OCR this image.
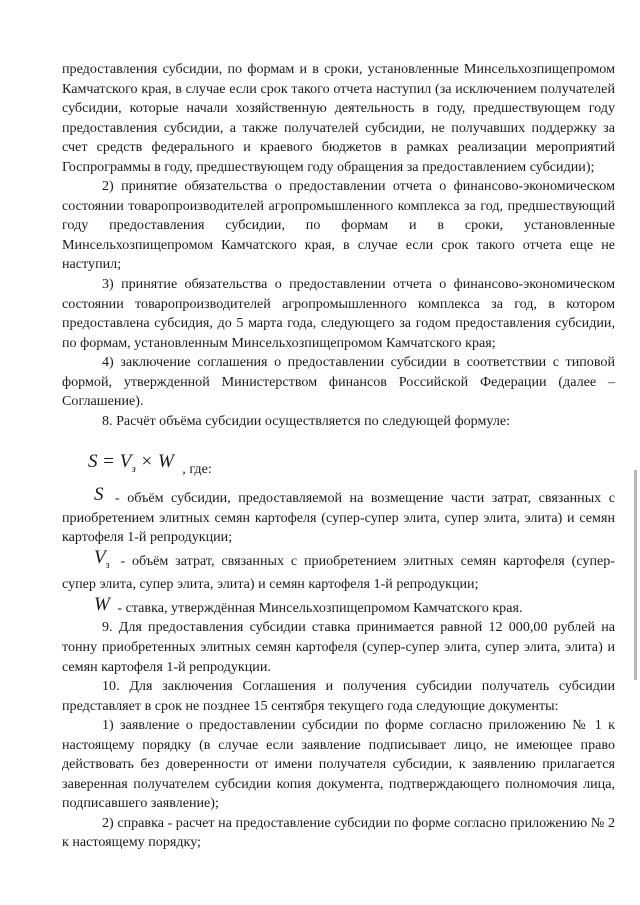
предоставления субсидии, по формам и в сроки, установленные Минсельхозпищепромом Камчатского края, в случае если срок такого отчета наступил (за исключением получателей субсидии, которые начали хозяйственную деятельность в году, предшествующем году предоставления субсидии, а также получателей субсидии, не получавших поддержку за счет средств федерального и краевого бюджетов в рамках реализации мероприятий Госпрограммы в году, предшествующем году обращения за предоставлением субсидии);

2) принятие обязательства о предоставлении отчета о финансово-экономическом состоянии товаропроизводителей агропромышленного комплекса за год, предшествующий году предоставления субсидии, по формам и в сроки, установленные Минсельхозпищепромом Камчатского края, в случае если срок такого отчета еще не наступил;

3) принятие обязательства о предоставлении отчета о финансово-экономическом состоянии товаропроизводителей агропромышленного комплекса за год, в котором предоставлена субсидия, до 5 марта года, следующего за годом предоставления субсидии, по формам, установленным Минсельхозпищепромом Камчатского края;

4) заключение соглашения о предоставлении субсидии в соответствии с типовой формой, утвержденной Министерством финансов Российской Федерации (далее – Соглашение).

8. Расчёт объёма субсидии осуществляется по следующей формуле:

$S = V_з \times W$ , где:

S - объём субсидии, предоставляемой на возмещение части затрат, связанных с приобретением элитных семян картофеля (супер-супер элита, супер элита, элита) и семян картофеля 1-й репродукции;

$V_з$ - объём затрат, связанных с приобретением элитных семян картофеля (супер-супер элита, супер элита, элита) и семян картофеля 1-й репродукции;

W - ставка, утверждённая Минсельхозпищепромом Камчатского края.

9. Для предоставления субсидии ставка принимается равной 12 000,00 рублей на тонну приобретенных элитных семян картофеля (супер-супер элита, супер элита, элита) и семян картофеля 1-й репродукции.

10. Для заключения Соглашения и получения субсидии получатель субсидии представляет в срок не позднее 15 сентября текущего года следующие документы:

1) заявление о предоставлении субсидии по форме согласно приложению № 1 к настоящему порядку (в случае если заявление подписывает лицо, не имеющее право действовать без доверенности от имени получателя субсидии, к заявлению прилагается заверенная получателем субсидии копия документа, подтверждающего полномочия лица, подписавшего заявление);

2) справка - расчет на предоставление субсидии по форме согласно приложению № 2 к настоящему порядку;
